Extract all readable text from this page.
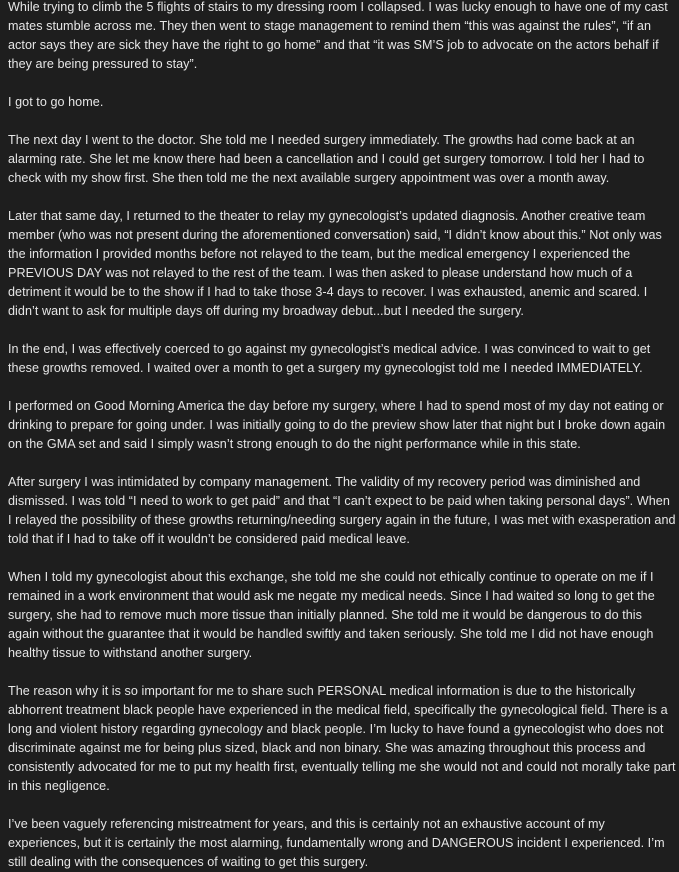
While trying to climb the 5 flights of stairs to my dressing room I collapsed. I was lucky enough to have one of my cast mates stumble across me. They then went to stage management to remind them “this was against the rules”, “if an actor says they are sick they have the right to go home” and that “it was SM’S job to advocate on the actors behalf if they are being pressured to stay”.

I got to go home.

The next day I went to the doctor. She told me I needed surgery immediately. The growths had come back at an alarming rate. She let me know there had been a cancellation and I could get surgery tomorrow. I told her I had to check with my show first. She then told me the next available surgery appointment was over a month away.

Later that same day, I returned to the theater to relay my gynecologist’s updated diagnosis. Another creative team member (who was not present during the aforementioned conversation) said, “I didn’t know about this.” Not only was the information I provided months before not relayed to the team, but the medical emergency I experienced the PREVIOUS DAY was not relayed to the rest of the team. I was then asked to please understand how much of a detriment it would be to the show if I had to take those 3-4 days to recover. I was exhausted, anemic and scared. I didn’t want to ask for multiple days off during my broadway debut...but I needed the surgery.

In the end, I was effectively coerced to go against my gynecologist’s medical advice. I was convinced to wait to get these growths removed. I waited over a month to get a surgery my gynecologist told me I needed IMMEDIATELY.

I performed on Good Morning America the day before my surgery, where I had to spend most of my day not eating or drinking to prepare for going under. I was initially going to do the preview show later that night but I broke down again on the GMA set and said I simply wasn’t strong enough to do the night performance while in this state.

After surgery I was intimidated by company management. The validity of my recovery period was diminished and dismissed. I was told “I need to work to get paid” and that “I can’t expect to be paid when taking personal days”. When I relayed the possibility of these growths returning/needing surgery again in the future, I was met with exasperation and told that if I had to take off it wouldn’t be considered paid medical leave.

When I told my gynecologist about this exchange, she told me she could not ethically continue to operate on me if I remained in a work environment that would ask me negate my medical needs. Since I had waited so long to get the surgery, she had to remove much more tissue than initially planned. She told me it would be dangerous to do this again without the guarantee that it would be handled swiftly and taken seriously. She told me I did not have enough healthy tissue to withstand another surgery.

The reason why it is so important for me to share such PERSONAL medical information is due to the historically abhorrent treatment black people have experienced in the medical field, specifically the gynecological field. There is a long and violent history regarding gynecology and black people. I’m lucky to have found a gynecologist who does not discriminate against me for being plus sized, black and non binary. She was amazing throughout this process and consistently advocated for me to put my health first, eventually telling me she would not and could not morally take part in this negligence.

I’ve been vaguely referencing mistreatment for years, and this is certainly not an exhaustive account of my experiences, but it is certainly the most alarming, fundamentally wrong and DANGEROUS incident I experienced. I’m still dealing with the consequences of waiting to get this surgery.
